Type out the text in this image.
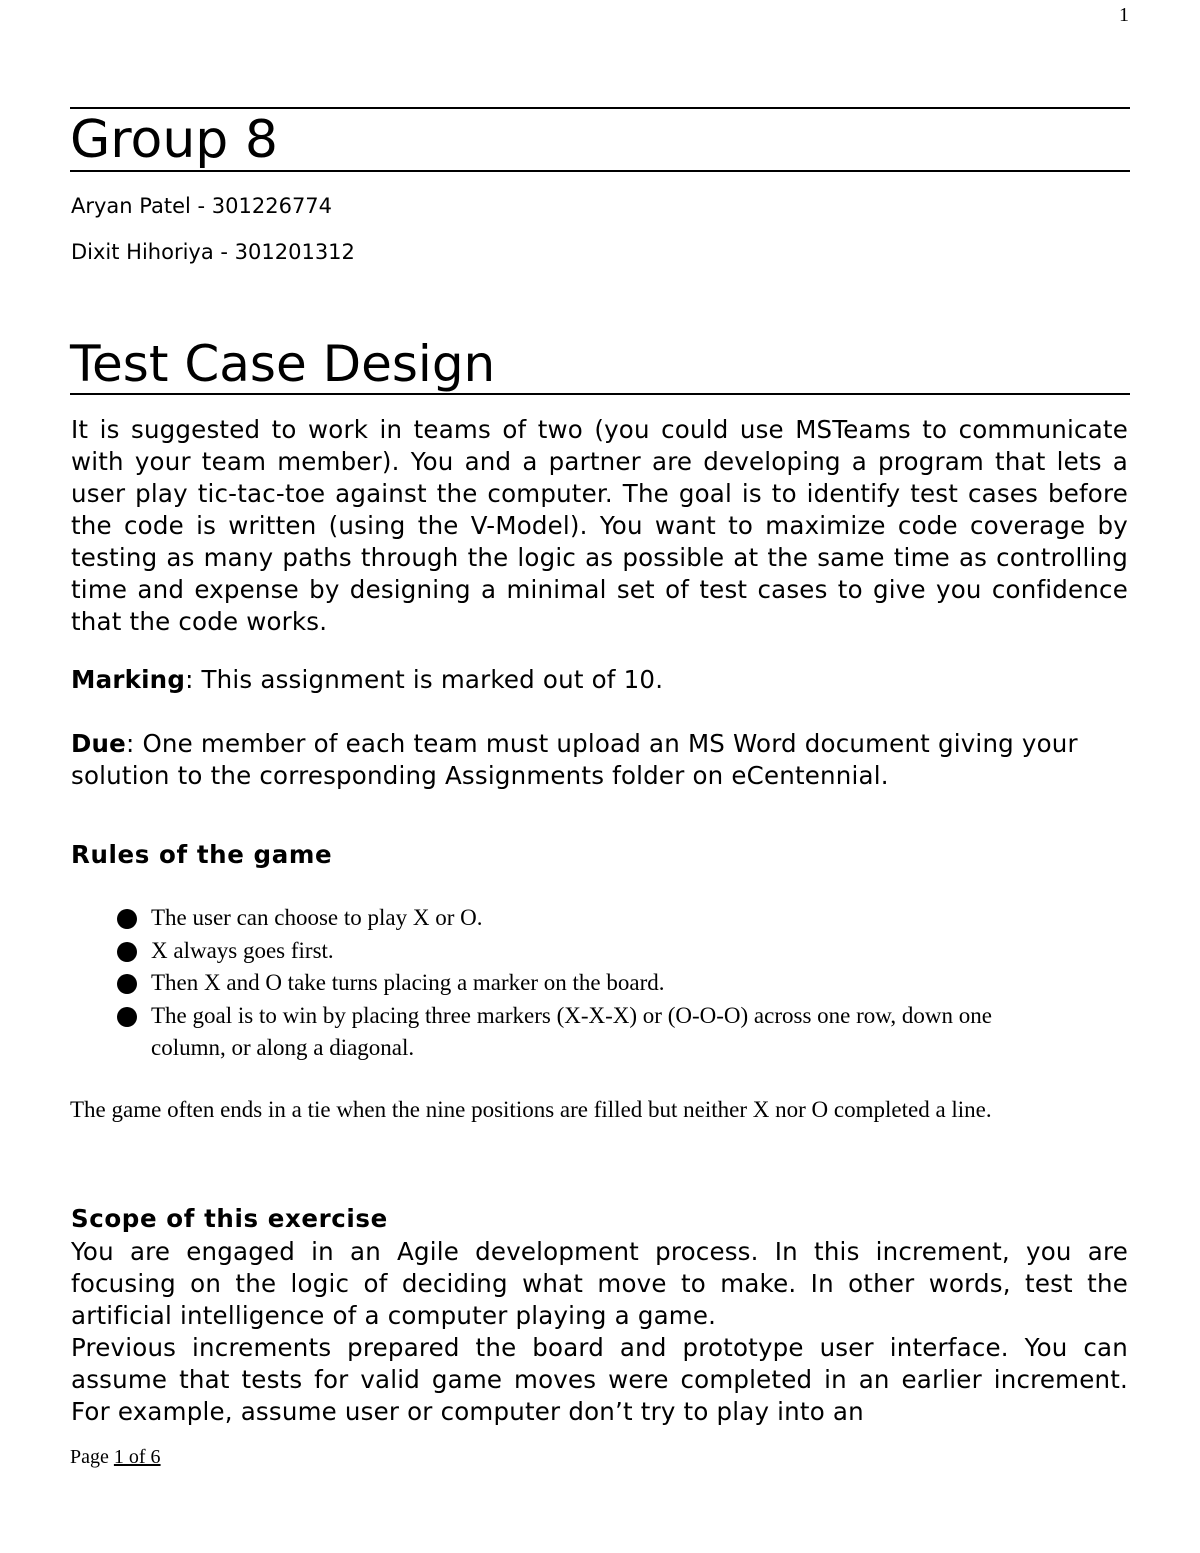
1
Group 8
Aryan Patel - 301226774
Dixit Hihoriya - 301201312
Test Case Design
It is suggested to work in teams of two (you could use MSTeams to communicate with your team member). You and a partner are developing a program that lets a user play tic-tac-toe against the computer. The goal is to identify test cases before the code is written (using the V-Model). You want to maximize code coverage by testing as many paths through the logic as possible at the same time as controlling time and expense by designing a minimal set of test cases to give you confidence that the code works.
Marking: This assignment is marked out of 10.
Due: One member of each team must upload an MS Word document giving your solution to the corresponding Assignments folder on eCentennial.
Rules of the game
The user can choose to play X or O.
X always goes first.
Then X and O take turns placing a marker on the board.
The goal is to win by placing three markers (X-X-X) or (O-O-O) across one row, down one column, or along a diagonal.
The game often ends in a tie when the nine positions are filled but neither X nor O completed a line.
Scope of this exercise
You are engaged in an Agile development process. In this increment, you are focusing on the logic of deciding what move to make. In other words, test the artificial intelligence of a computer playing a game.
Previous increments prepared the board and prototype user interface. You can assume that tests for valid game moves were completed in an earlier increment. For example, assume user or computer don’t try to play into an
Page 1 of 6
